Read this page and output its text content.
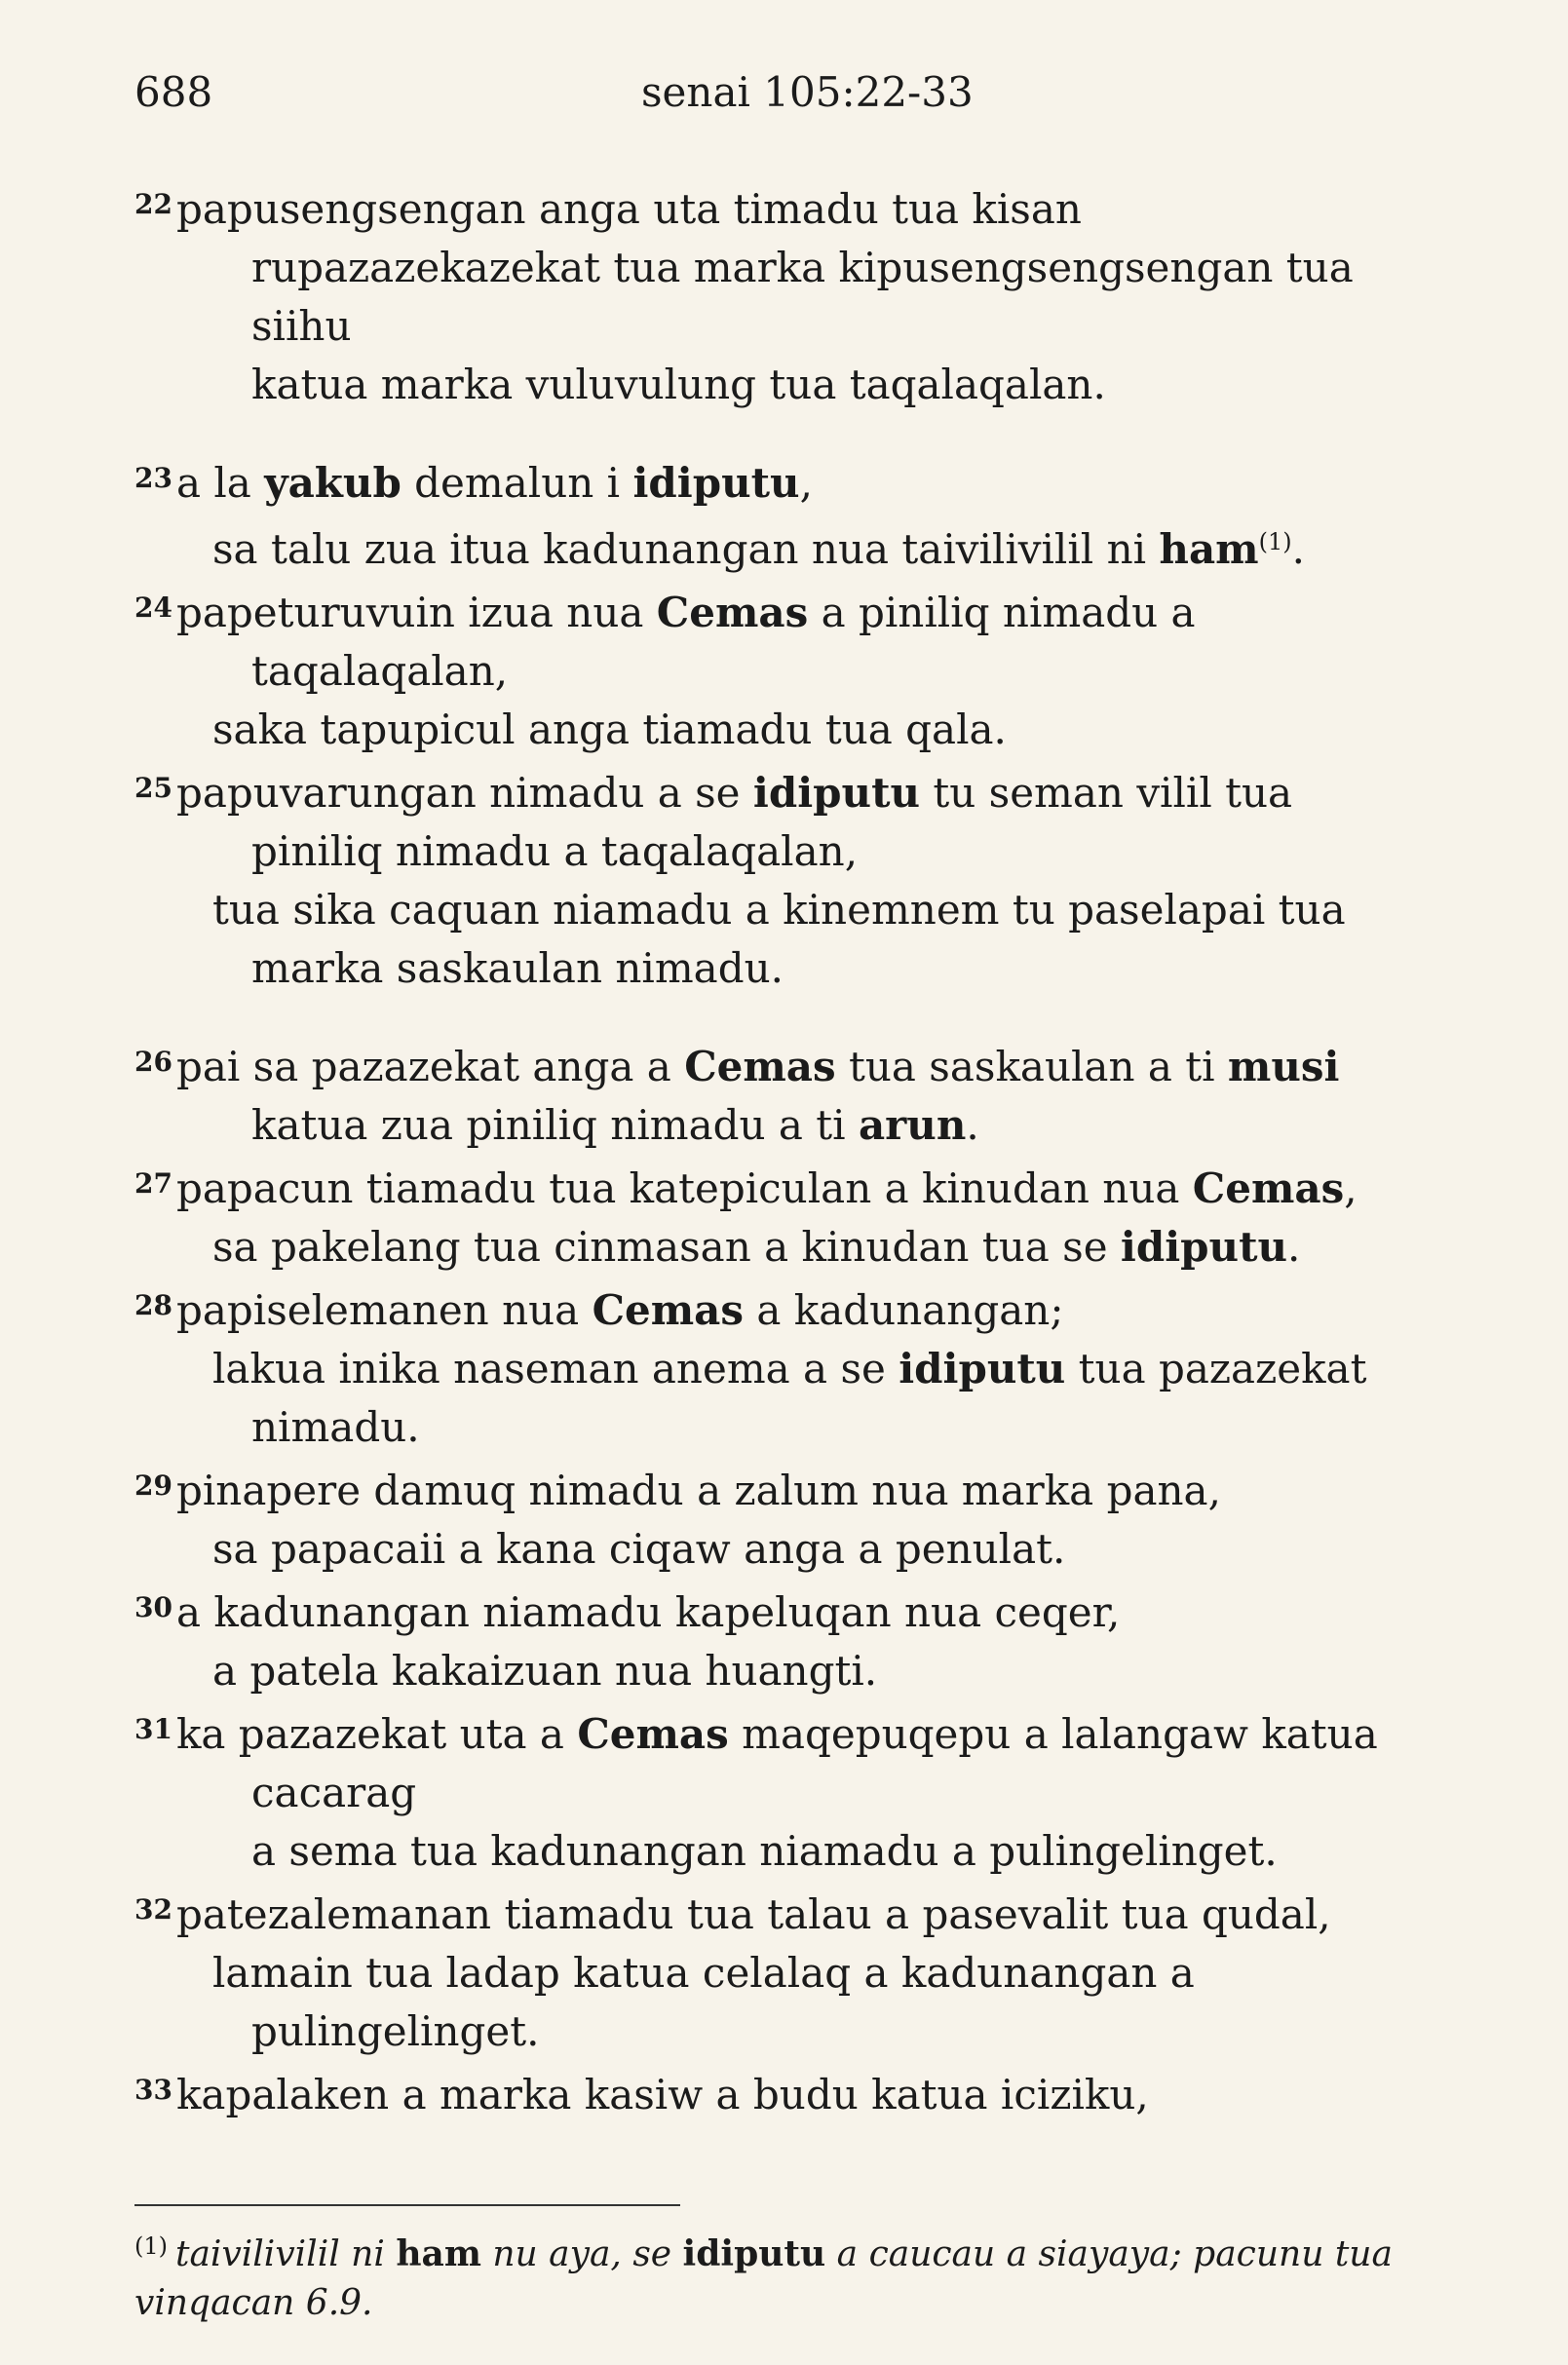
688	senai 105:22-33
$^{22}$papusengsengan anga uta timadu tua kisan
rupazazekazekat tua marka kipusengsengsengan tua
siihu
katua marka vuluvulung tua taqalaqalan.
$^{23}$a la yakub demalun i idiputu,
sa talu zua itua kadunangan nua taivilivilil ni ham$^{(1)}$.
$^{24}$papeturuvuin izua nua Cemas a piniliq nimadu a
taqalaqalan,
saka tapupicul anga tiamadu tua qala.
$^{25}$papuvarungan nimadu a se idiputu tu seman vilil tua
piniliq nimadu a taqalaqalan,
tua sika caquan niamadu a kinemnem tu paselapai tua
marka saskaulan nimadu.
$^{26}$pai sa pazazekat anga a Cemas tua saskaulan a ti musi
katua zua piniliq nimadu a ti arun.
$^{27}$papacun tiamadu tua katepiculan a kinudan nua Cemas,
sa pakelang tua cinmasan a kinudan tua se idiputu.
$^{28}$papiselemanen nua Cemas a kadunangan;
lakua inika naseman anema a se idiputu tua pazazekat
nimadu.
$^{29}$pinapere damuq nimadu a zalum nua marka pana,
sa papacaii a kana ciqaw anga a penulat.
$^{30}$a kadunangan niamadu kapeluqan nua ceqer,
a patela kakaizuan nua huangti.
$^{31}$ka pazazekat uta a Cemas maqepuqepu a lalangaw katua
cacarag
a sema tua kadunangan niamadu a pulingelinget.
$^{32}$patezalemanan tiamadu tua talau a pasevalit tua qudal,
lamain tua ladap katua celalaq a kadunangan a
pulingelinget.
$^{33}$kapalaken a marka kasiw a budu katua iciziku,
$^{(1)}$ taivilivilil ni ham nu aya, se idiputu a caucau a siayaya; pacunu tua vinqacan 6.9.
